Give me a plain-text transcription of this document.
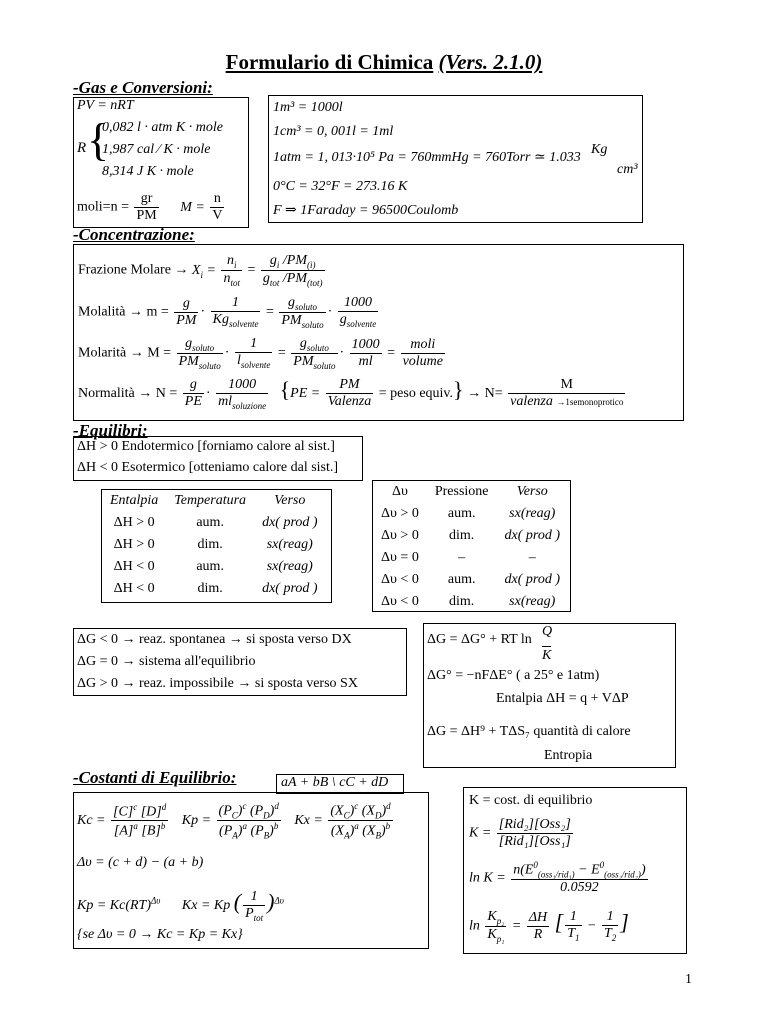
Formulario di Chimica (Vers. 2.1.0)
-Gas e Conversioni:
PV = nRT
R {
0,082 l · atm K · mole
1,987 cal ⁄ K · mole
8,314 J K · mole
moli=n = $\frac{gr}{PM}$ $M = \frac{n}{V}$
1m³ = 1000l
1cm³ = 0, 001l = 1ml
1atm = 1, 013·10⁵ Pa = 760mmHg = 760Torr ≃ 1.033
Kg
cm³
0°C = 32°F = 273.16 K
F ⇒ 1Faraday = 96500Coulomb
-Concentrazione:
Frazione Molare → $X_i = \frac{n_i}{n_{tot}} = \frac{g_i /PM_{(i)}}{g_{tot} /PM_{(tot)}}$
Molalità → $m = \frac{g}{PM} \cdot \frac{1}{Kg_{solvente}} = \frac{g_{soluto}}{PM_{soluto}} \cdot \frac{1000}{g_{solvente}}$
Molarità → $M = \frac{g_{soluto}}{PM_{soluto}} \cdot \frac{1}{l_{solvente}} = \frac{g_{soluto}}{PM_{soluto}} \cdot \frac{1000}{ml} = \frac{\text{moli}}{\text{volume}}$
Normalità → $N = \frac{g}{PE} \cdot \frac{1000}{ml_{soluzione}} \{PE = \frac{PM}{\text{Valenza}}$ = peso equiv.} → $N= \frac{M}{\text{valenza →1semonoprotico}}$
-Equilibri:
ΔH > 0 Endotermico [forniamo calore al sist.]
ΔH < 0 Esotermico [otteniamo calore dal sist.]
Entalpia	Temperatura	Verso
ΔH > 0	aum.	dx( prod )
ΔH > 0	dim.	sx(reag)
ΔH < 0	aum.	sx(reag)
ΔH < 0	dim.	dx( prod )
Δυ	Pressione	Verso
Δυ > 0	aum.	sx(reag)
Δυ > 0	dim.	dx( prod )
Δυ = 0	–	–
Δυ < 0	aum.	dx( prod )
Δυ < 0	dim.	sx(reag)
ΔG < 0 → reaz. spontanea → si sposta verso DX
ΔG = 0 → sistema all'equilibrio
ΔG > 0 → reaz. impossibile → si sposta verso SX
ΔG = ΔG° + RT ln
Q
K
ΔG° = −nFΔE° ( a 25° e 1atm)
Entalpia ΔH = q + VΔP
ΔG = ΔH⁹ + TΔS₇ quantità di calore
Entropia
-Costanti di Equilibrio:	aA + bB \ cC + dD
$Kc = \frac{[C]^c [D]^d}{[A]^a [B]^b}$ $Kp = \frac{(P_C)^c (P_D)^d}{(P_A)^a (P_B)^b}$ $Kx = \frac{(X_C)^c (X_D)^d}{(X_A)^a (X_B)^b}$
Δυ = (c + d) − (a + b)
Kp = Kc(RT)$^{\Delta\upsilon}$ Kx = Kp ( $\frac{1}{P_{tot}} )^{\Delta\upsilon}$
{se Δυ = 0 → Kc = Kp = Kx}
K = cost. di equilibrio
$K = \frac{\text{[Rid₂][Oss₂]}}{\text{[Rid₁][Oss₁]}}$
$\ln K = \frac{n(E^0_{(oss_1/rid_1)} - E^0_{(oss_2/rid_2)})}{0.0592}$
$\ln \frac{K_{p_2}}{K_{p_1}} = \frac{\Delta H}{R}$ [ $\frac{1}{T_1} - \frac{1}{T_2}$ ]
1
